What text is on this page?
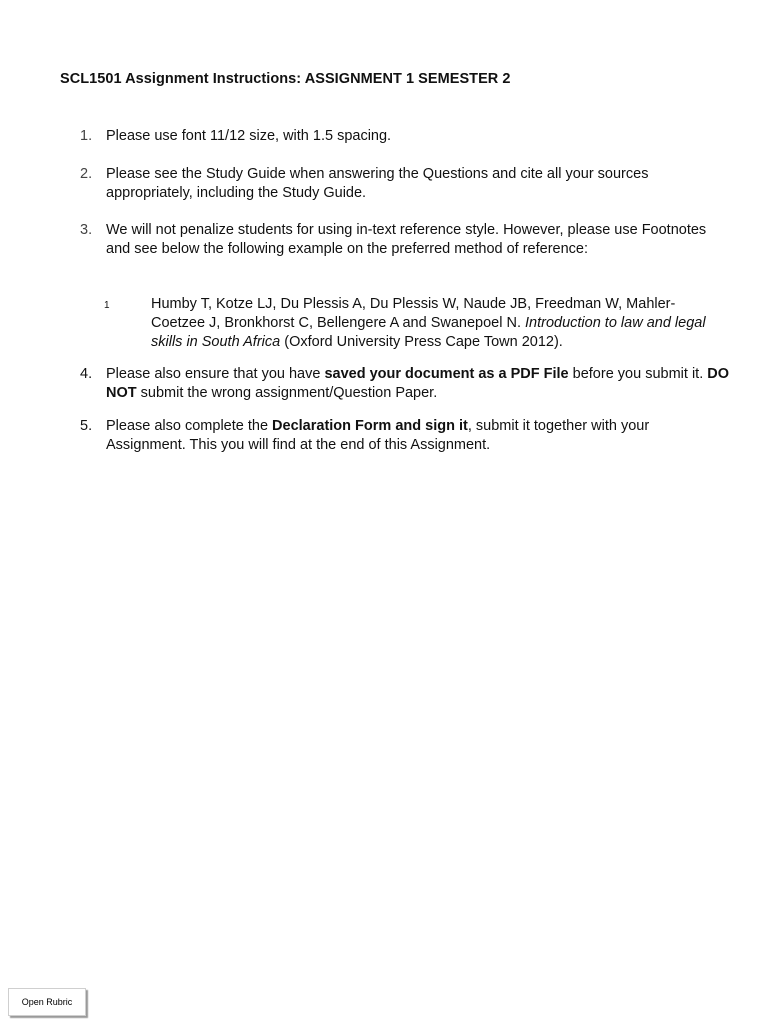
SCL1501 Assignment Instructions: ASSIGNMENT 1 SEMESTER 2
1. Please use font 11/12 size, with 1.5 spacing.
2. Please see the Study Guide when answering the Questions and cite all your sources appropriately, including the Study Guide.
3. We will not penalize students for using in-text reference style. However, please use Footnotes and see below the following example on the preferred method of reference:
1	Humby T, Kotze LJ, Du Plessis A, Du Plessis W, Naude JB, Freedman W, Mahler-Coetzee J, Bronkhorst C, Bellengere A and Swanepoel N. Introduction to law and legal skills in South Africa (Oxford University Press Cape Town 2012).
4. Please also ensure that you have saved your document as a PDF File before you submit it. DO NOT submit the wrong assignment/Question Paper.
5. Please also complete the Declaration Form and sign it, submit it together with your Assignment. This you will find at the end of this Assignment.
Open Rubric
